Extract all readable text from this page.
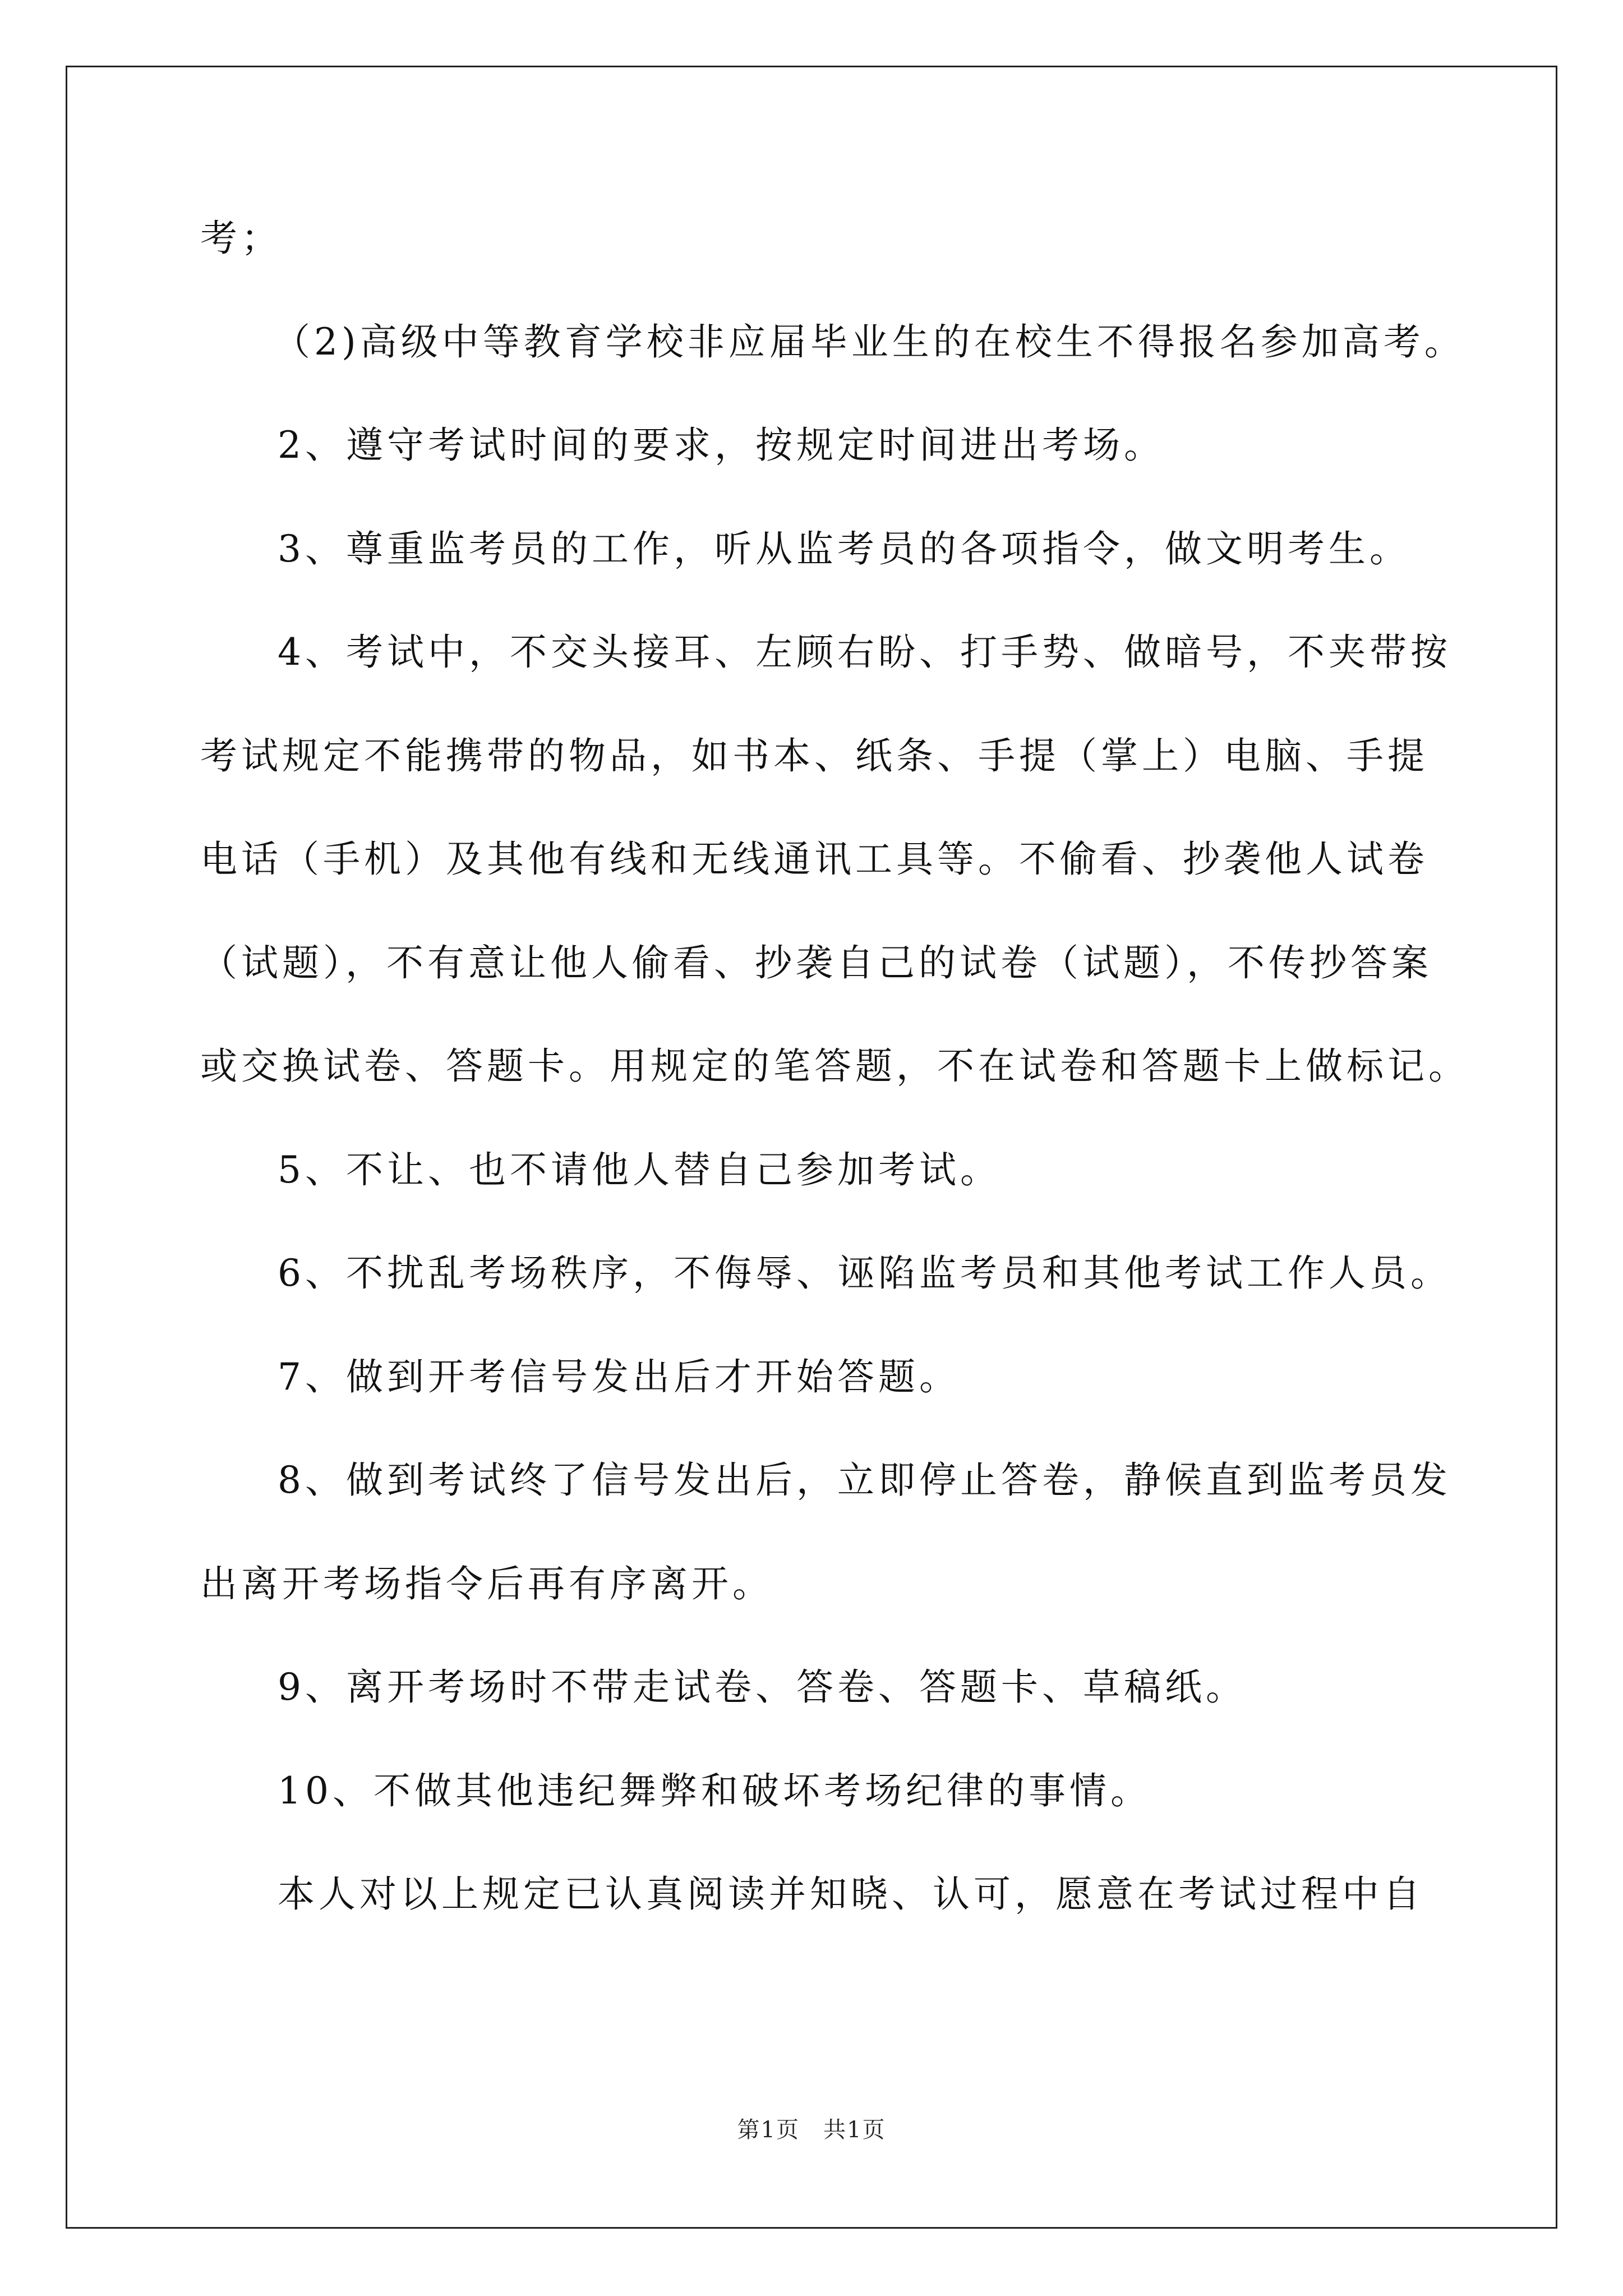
考；
（2)高级中等教育学校非应届毕业生的在校生不得报名参加高考。
2、遵守考试时间的要求，按规定时间进出考场。
3、尊重监考员的工作，听从监考员的各项指令，做文明考生。
4、考试中，不交头接耳、左顾右盼、打手势、做暗号，不夹带按
考试规定不能携带的物品，如书本、纸条、手提（掌上）电脑、手提
电话（手机）及其他有线和无线通讯工具等。不偷看、抄袭他人试卷
（试题），不有意让他人偷看、抄袭自己的试卷（试题），不传抄答案
或交换试卷、答题卡。用规定的笔答题，不在试卷和答题卡上做标记。
5、不让、也不请他人替自己参加考试。
6、不扰乱考场秩序，不侮辱、诬陷监考员和其他考试工作人员。
7、做到开考信号发出后才开始答题。
8、做到考试终了信号发出后，立即停止答卷，静候直到监考员发
出离开考场指令后再有序离开。
9、离开考场时不带走试卷、答卷、答题卡、草稿纸。
10、不做其他违纪舞弊和破坏考场纪律的事情。
本人对以上规定已认真阅读并知晓、认可，愿意在考试过程中自
第1页　共1页
